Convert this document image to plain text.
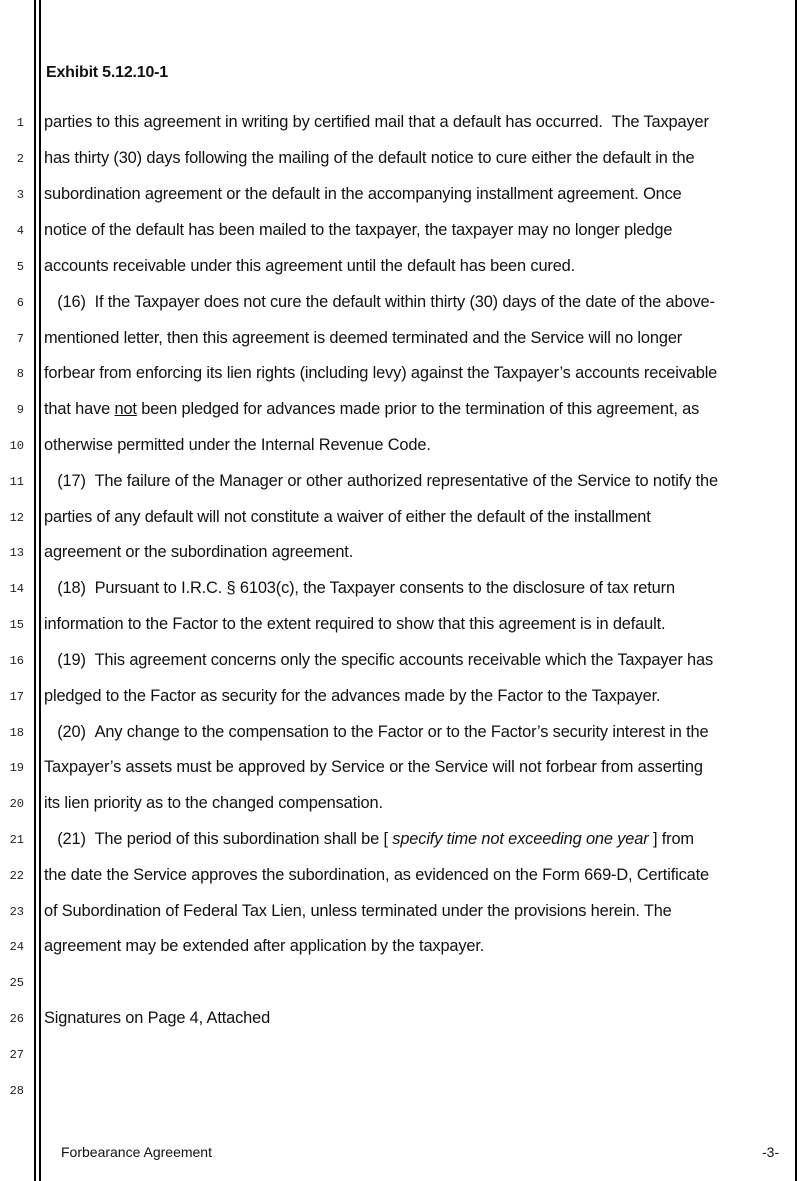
Exhibit 5.12.10-1
1 parties to this agreement in writing by certified mail that a default has occurred.  The Taxpayer
2 has thirty (30) days following the mailing of the default notice to cure either the default in the
3 subordination agreement or the default in the accompanying installment agreement. Once
4 notice of the default has been mailed to the taxpayer, the taxpayer may no longer pledge
5 accounts receivable under this agreement until the default has been cured.
6 (16)  If the Taxpayer does not cure the default within thirty (30) days of the date of the above-
7 mentioned letter, then this agreement is deemed terminated and the Service will no longer
8 forbear from enforcing its lien rights (including levy) against the Taxpayer’s accounts receivable
9 that have not been pledged for advances made prior to the termination of this agreement, as
10 otherwise permitted under the Internal Revenue Code.
11 (17)  The failure of the Manager or other authorized representative of the Service to notify the
12 parties of any default will not constitute a waiver of either the default of the installment
13 agreement or the subordination agreement.
14 (18)  Pursuant to I.R.C. § 6103(c), the Taxpayer consents to the disclosure of tax return
15 information to the Factor to the extent required to show that this agreement is in default.
16 (19)  This agreement concerns only the specific accounts receivable which the Taxpayer has
17 pledged to the Factor as security for the advances made by the Factor to the Taxpayer.
18 (20)  Any change to the compensation to the Factor or to the Factor’s security interest in the
19 Taxpayer’s assets must be approved by Service or the Service will not forbear from asserting
20 its lien priority as to the changed compensation.
21 (21)  The period of this subordination shall be [ specify time not exceeding one year ] from
22 the date the Service approves the subordination, as evidenced on the Form 669-D, Certificate
23 of Subordination of Federal Tax Lien, unless terminated under the provisions herein. The
24 agreement may be extended after application by the taxpayer.
25
26 Signatures on Page 4, Attached
27
28
Forbearance Agreement	-3-
